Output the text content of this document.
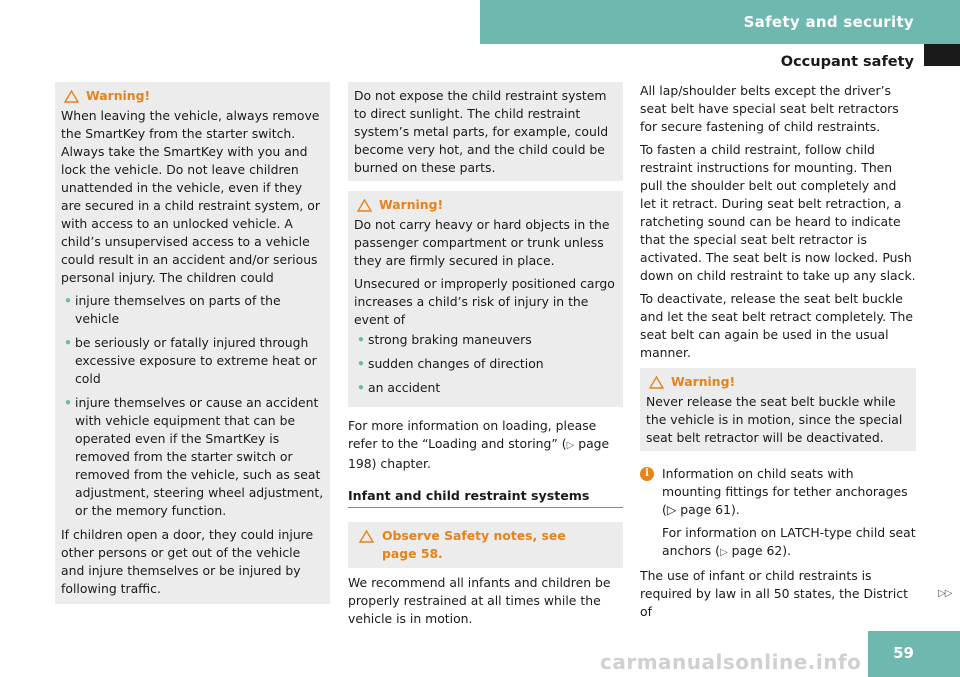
Safety and security
Occupant safety
Warning!

When leaving the vehicle, always remove the SmartKey from the starter switch. Always take the SmartKey with you and lock the vehicle. Do not leave children unattended in the vehicle, even if they are secured in a child restraint system, or with access to an unlocked vehicle. A child’s unsupervised access to a vehicle could result in an accident and/or serious personal injury. The children could

• injure themselves on parts of the vehicle
• be seriously or fatally injured through excessive exposure to extreme heat or cold
• injure themselves or cause an accident with vehicle equipment that can be operated even if the SmartKey is removed from the starter switch or removed from the vehicle, such as seat adjustment, steering wheel adjustment, or the memory function.

If children open a door, they could injure other persons or get out of the vehicle and injure themselves or be injured by following traffic.

Do not expose the child restraint system to direct sunlight. The child restraint system’s metal parts, for example, could become very hot, and the child could be burned on these parts.

Warning!

Do not carry heavy or hard objects in the passenger compartment or trunk unless they are firmly secured in place.

Unsecured or improperly positioned cargo increases a child’s risk of injury in the event of

• strong braking maneuvers
• sudden changes of direction
• an accident

For more information on loading, please refer to the “Loading and storing” (▷ page 198) chapter.

Infant and child restraint systems
Observe Safety notes, see page 58.

We recommend all infants and children be properly restrained at all times while the vehicle is in motion.

All lap/shoulder belts except the driver’s seat belt have special seat belt retractors for secure fastening of child restraints.

To fasten a child restraint, follow child restraint instructions for mounting. Then pull the shoulder belt out completely and let it retract. During seat belt retraction, a ratcheting sound can be heard to indicate that the special seat belt retractor is activated. The seat belt is now locked. Push down on child restraint to take up any slack.

To deactivate, release the seat belt buckle and let the seat belt retract completely. The seat belt can again be used in the usual manner.

Warning!

Never release the seat belt buckle while the vehicle is in motion, since the special seat belt retractor will be deactivated.

i	Information on child seats with mounting fittings for tether anchorages

(▷ page 61).

For information on LATCH-type child seat anchors (▷ page 62).

The use of infant or child restraints is required by law in all 50 states, the District of

▷▷
59
carmanualsonline.info
